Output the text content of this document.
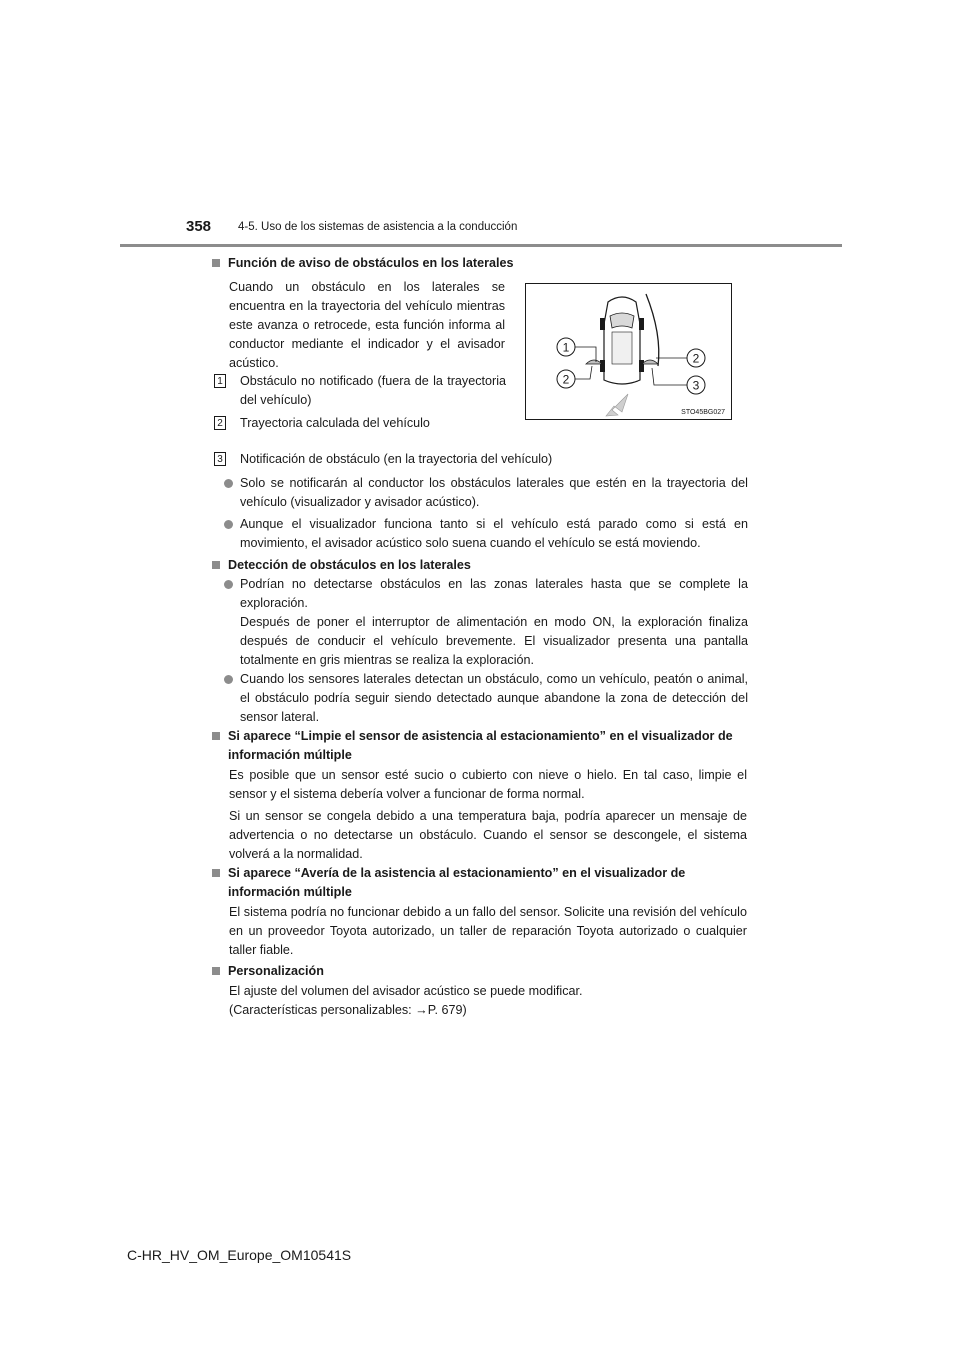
358 4-5. Uso de los sistemas de asistencia a la conducción
Función de aviso de obstáculos en los laterales
Cuando un obstáculo en los laterales se encuentra en la trayectoria del vehículo mientras este avanza o retrocede, esta función informa al conductor mediante el indicador y el avisador acústico.
1	Obstáculo no notificado (fuera de la trayectoria del vehículo)
2	Trayectoria calculada del vehículo
3	Notificación de obstáculo (en la trayectoria del vehículo)
1
2
2
3
STO45BG027
Solo se notificarán al conductor los obstáculos laterales que estén en la trayectoria del vehículo (visualizador y avisador acústico).
Aunque el visualizador funciona tanto si el vehículo está parado como si está en movimiento, el avisador acústico solo suena cuando el vehículo se está moviendo.
Detección de obstáculos en los laterales
Podrían no detectarse obstáculos en las zonas laterales hasta que se complete la exploración.
Después de poner el interruptor de alimentación en modo ON, la exploración finaliza después de conducir el vehículo brevemente. El visualizador presenta una pantalla totalmente en gris mientras se realiza la exploración.
Cuando los sensores laterales detectan un obstáculo, como un vehículo, peatón o animal, el obstáculo podría seguir siendo detectado aunque abandone la zona de detección del sensor lateral.
Si aparece “Limpie el sensor de asistencia al estacionamiento” en el visualizador de información múltiple
Es posible que un sensor esté sucio o cubierto con nieve o hielo. En tal caso, limpie el sensor y el sistema debería volver a funcionar de forma normal.
Si un sensor se congela debido a una temperatura baja, podría aparecer un mensaje de advertencia o no detectarse un obstáculo. Cuando el sensor se descongele, el sistema volverá a la normalidad.
Si aparece “Avería de la asistencia al estacionamiento” en el visualizador de información múltiple
El sistema podría no funcionar debido a un fallo del sensor. Solicite una revisión del vehículo en un proveedor Toyota autorizado, un taller de reparación Toyota autorizado o cualquier taller fiable.
Personalización
El ajuste del volumen del avisador acústico se puede modificar.
(Características personalizables: →P. 679)
C-HR_HV_OM_Europe_OM10541S
